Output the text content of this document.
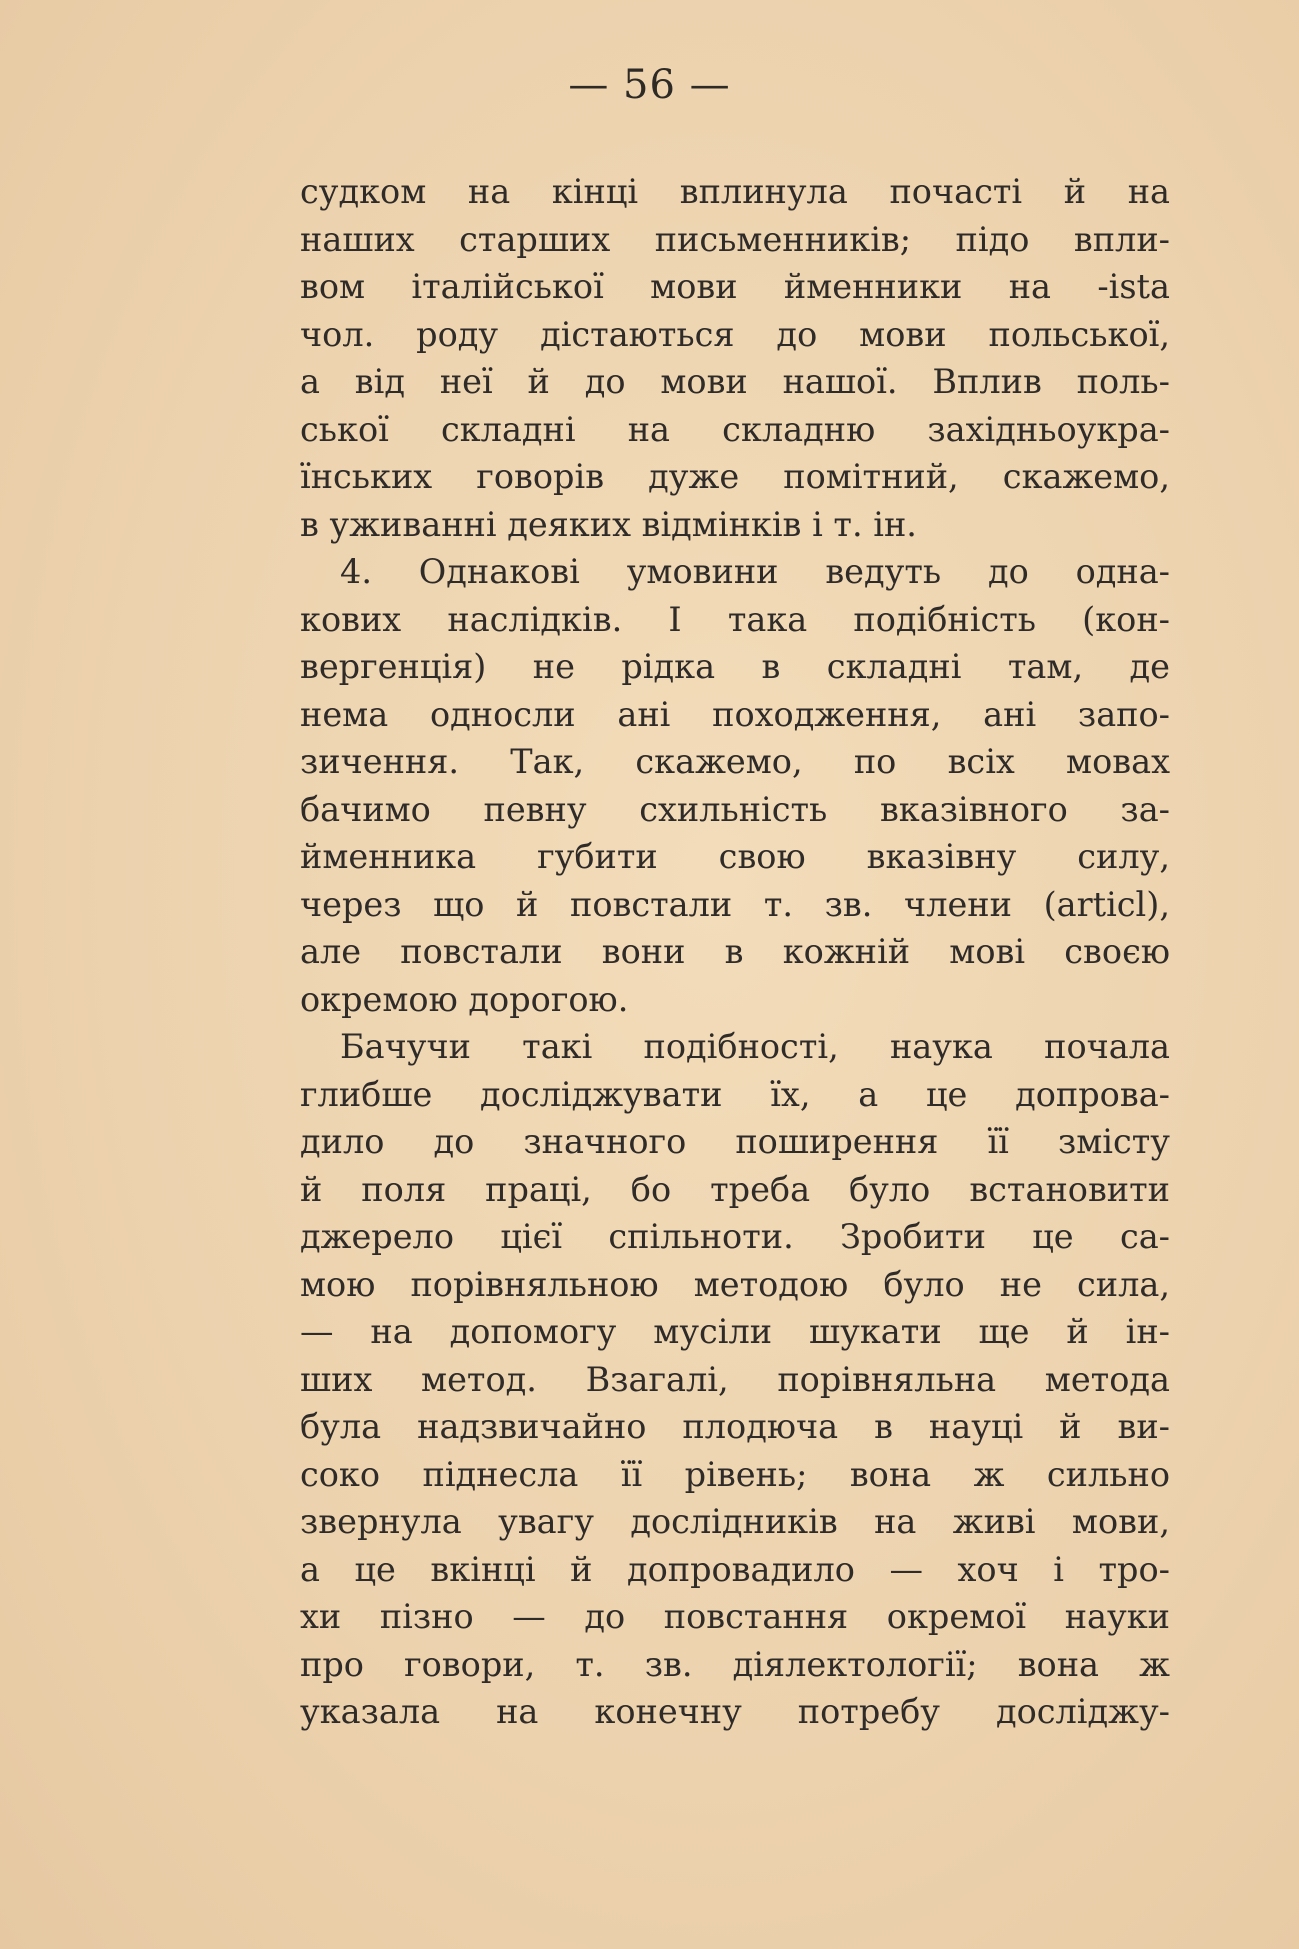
— 56 —
судком на кінці вплинула почасті й на
наших старших письменників; підо впли-
вом італійської мови йменники на -ista
чол. роду дістаються до мови польської,
а від неї й до мови нашої. Вплив поль-
ської складні на складню західньоукра-
їнських говорів дуже помітний, скажемо,
в уживанні деяких відмінків і т. ін.
4. Однакові умовини ведуть до одна-
кових наслідків. І така подібність (кон-
вергенція) не рідка в складні там, де
нема односли ані походження, ані запо-
зичення. Так, скажемо, по всіх мовах
бачимо певну схильність вказівного за-
йменника губити свою вказівну силу,
через що й повстали т. зв. члени (articl),
але повстали вони в кожній мові своєю
окремою дорогою.
Бачучи такі подібності, наука почала
глибше досліджувати їх, а це допрова-
дило до значного поширення її змісту
й поля праці, бо треба було встановити
джерело цієї спільноти. Зробити це са-
мою порівняльною методою було не сила,
— на допомогу мусіли шукати ще й ін-
ших метод. Взагалі, порівняльна метода
була надзвичайно плодюча в науці й ви-
соко піднесла її рівень; вона ж сильно
звернула увагу дослідників на живі мови,
а це вкінці й допровадило — хоч і тро-
хи пізно — до повстання окремої науки
про говори, т. зв. діялектології; вона ж
указала на конечну потребу досліджу-
